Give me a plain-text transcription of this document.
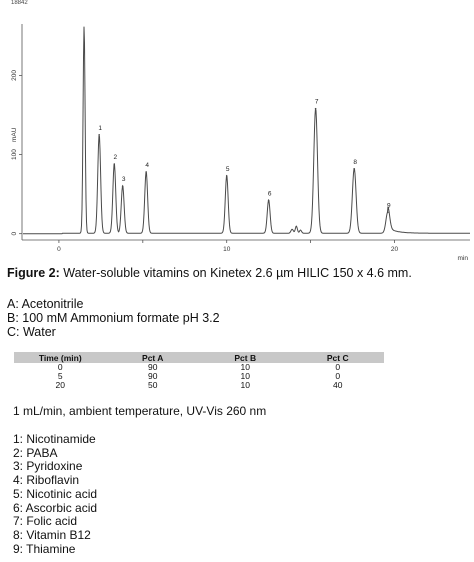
18842
0
100
200
mAU
0	10	20
min
1
2
3
4
5
6
7
8
9
Figure 2: Water-soluble vitamins on Kinetex 2.6 µm HILIC 150 x 4.6 mm.
A: Acetonitrile
B: 100 mM Ammonium formate pH 3.2
C: Water
Time (min)	Pct A	Pct B	Pct C
0	90	10	0
5	90	10	0
20	50	10	40
1 mL/min, ambient temperature, UV-Vis 260 nm
1: Nicotinamide
2: PABA
3: Pyridoxine
4: Riboflavin
5: Nicotinic acid
6: Ascorbic acid
7: Folic acid
8: Vitamin B12
9: Thiamine
